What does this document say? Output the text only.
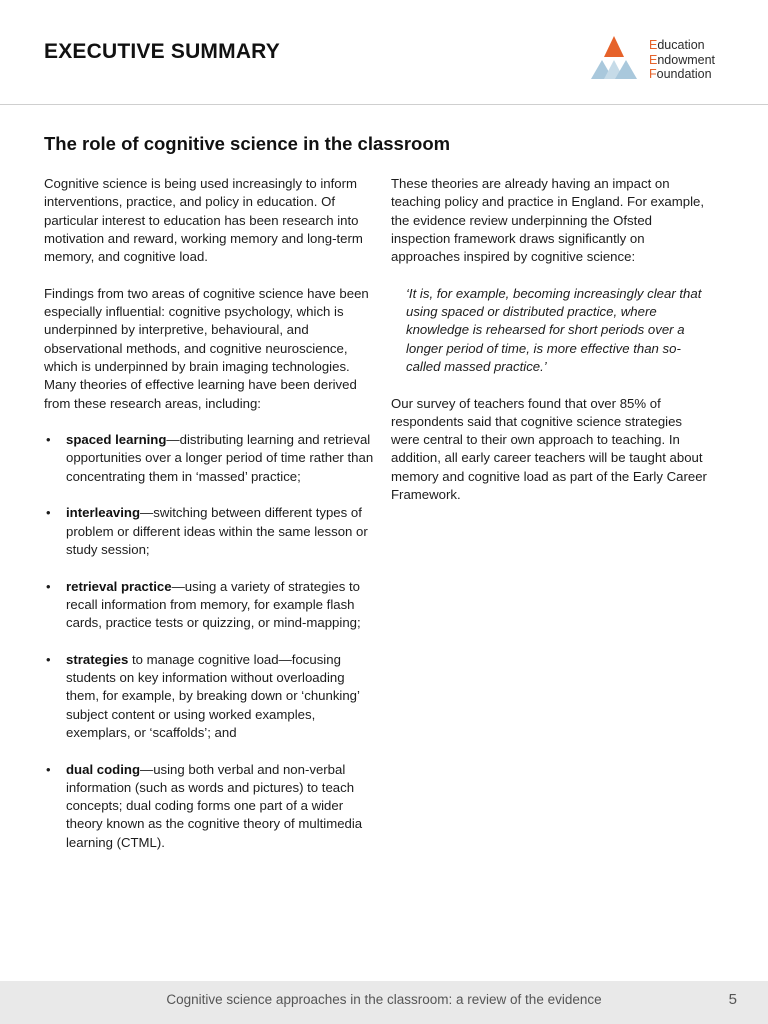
EXECUTIVE SUMMARY	Education
Endowment
Foundation
The role of cognitive science in the classroom

Cognitive science is being used increasingly to inform interventions, practice, and policy in education. Of particular interest to education has been research into motivation and reward, working memory and long-term memory, and cognitive load.

Findings from two areas of cognitive science have been especially influential: cognitive psychology, which is underpinned by interpretive, behavioural, and observational methods, and cognitive neuroscience, which is underpinned by brain imaging technologies. Many theories of effective learning have been derived from these research areas, including:

• spaced learning—distributing learning and retrieval opportunities over a longer period of time rather than concentrating them in ‘massed’ practice;
• interleaving—switching between different types of problem or different ideas within the same lesson or study session;
• retrieval practice—using a variety of strategies to recall information from memory, for example flash cards, practice tests or quizzing, or mind-mapping;
• strategies to manage cognitive load—focusing students on key information without overloading them, for example, by breaking down or ‘chunking’ subject content or using worked examples, exemplars, or ‘scaffolds’; and
• dual coding—using both verbal and non-verbal information (such as words and pictures) to teach concepts; dual coding forms one part of a wider theory known as the cognitive theory of multimedia learning (CTML).

These theories are already having an impact on teaching policy and practice in England. For example, the evidence review underpinning the Ofsted inspection framework draws significantly on approaches inspired by cognitive science:

‘It is, for example, becoming increasingly clear that using spaced or distributed practice, where knowledge is rehearsed for short periods over a longer period of time, is more effective than so-called massed practice.’

Our survey of teachers found that over 85% of respondents said that cognitive science strategies were central to their own approach to teaching. In addition, all early career teachers will be taught about memory and cognitive load as part of the Early Career Framework.

Cognitive science approaches in the classroom: a review of the evidence	5
